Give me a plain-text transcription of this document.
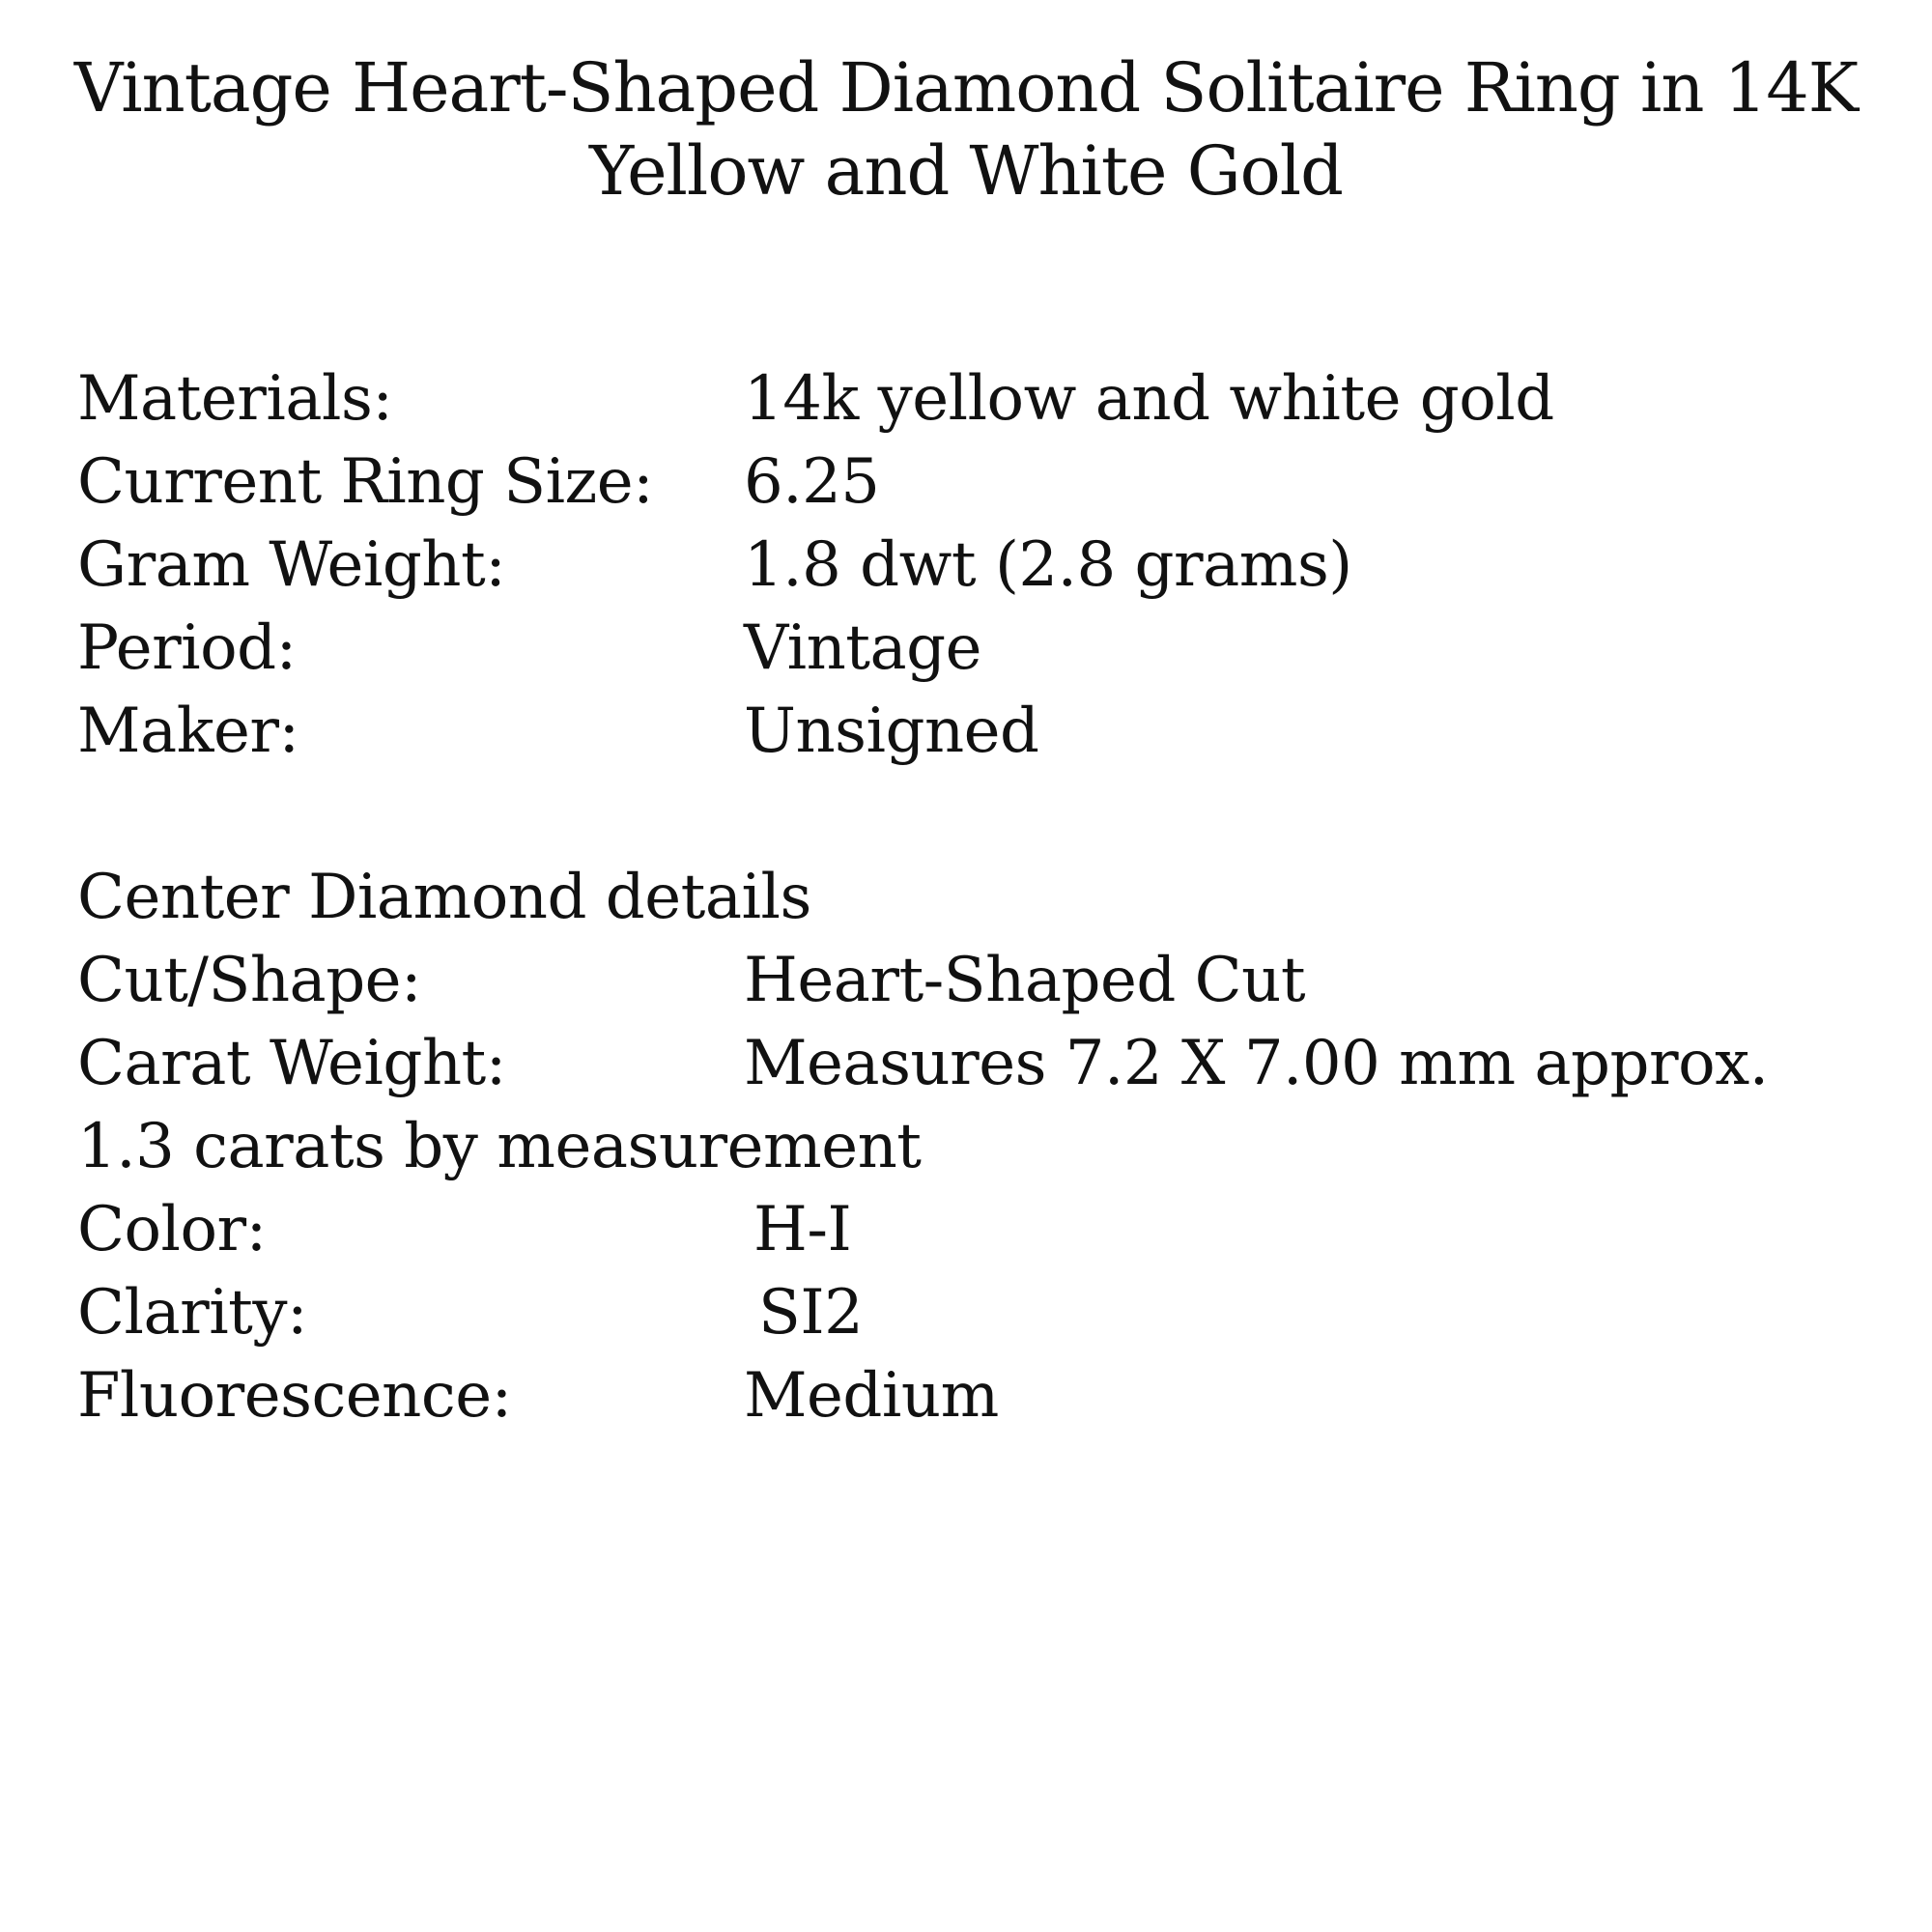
Vintage Heart-Shaped Diamond Solitaire Ring in 14K Yellow and White Gold
Materials:	14k yellow and white gold
Current Ring Size: 6.25
Gram Weight:	1.8 dwt (2.8 grams)
Period:	Vintage
Maker:	Unsigned
Center Diamond details
Cut/Shape:	Heart-Shaped Cut
Carat Weight:	Measures 7.2 X 7.00 mm approx. 1.3 carats by measurement
Color:	H-I
Clarity:	SI2
Fluorescence:	Medium
